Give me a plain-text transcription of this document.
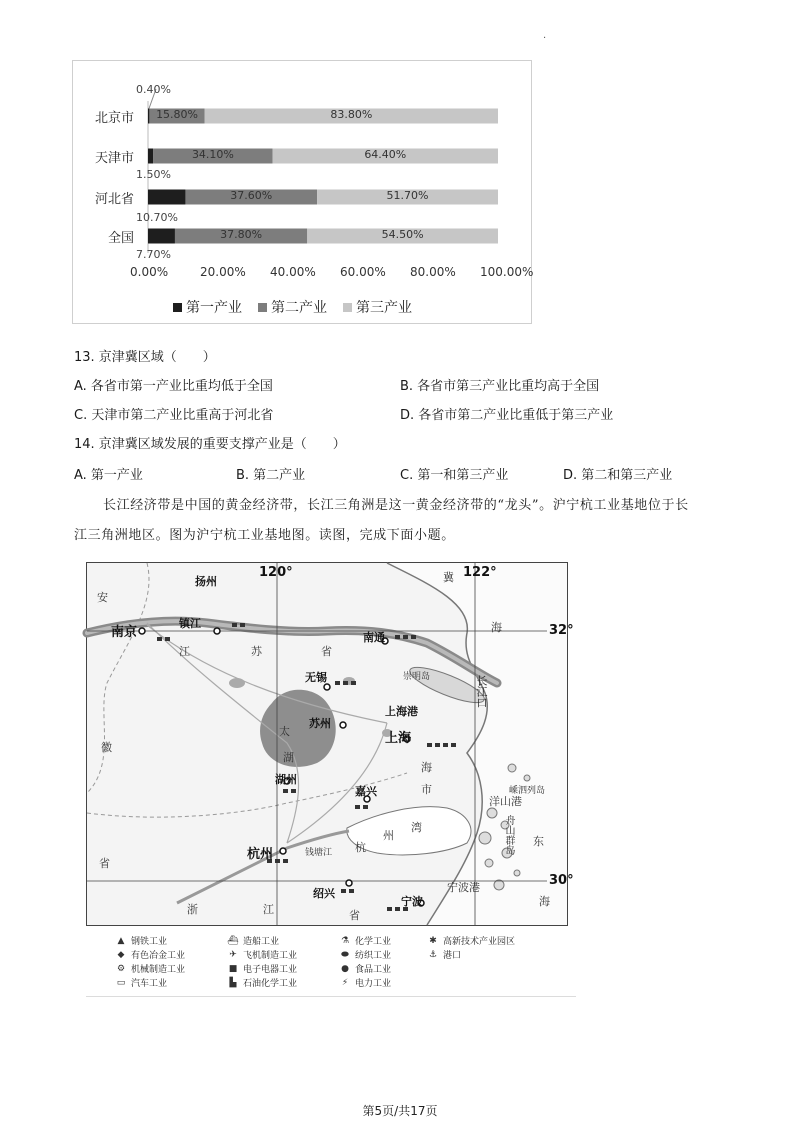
.
15.80%	83.80%
北京市
34.10%	64.40%
天津市
37.60%	51.70%
河北省
37.80%	54.50%
全国
0.40%
1.50%
10.70%
7.70%
0.00%	20.00% 40.00% 60.00% 80.00% 100.00%
第一产业 第二产业 第三产业
13. 京津冀区域（　　）
A. 各省市第一产业比重均低于全国	B. 各省市第三产业比重均高于全国
C. 天津市第二产业比重高于河北省	D. 各省市第二产业比重低于第三产业
14. 京津冀区域发展的重要支撑产业是（　　）
A. 第一产业	B. 第二产业	C. 第一和第三产业	D. 第二和第三产业
长江经济带是中国的黄金经济带，长江三角洲是这一黄金经济带的“龙头”。沪宁杭工业基地位于长
江三角洲地区。图为沪宁杭工业基地图。读图，完成下面小题。
120°	122°
32°
30°
扬州
南京
镇江
南通
无锡
苏州
上海港
上海
湖州
嘉兴
杭州
绍兴
宁波
宁波港
洋山港
崇明岛
嵊泗列岛
安
徽
江	苏	省
太
湖
冀
海
东
海
长江口
海
市
杭
州
湾
钱塘江
浙	江	省
省
舟山群岛
▲ 钢铁工业	⛴ 造船工业	⚗ 化学工业	✱ 高新技术产业园区
◆ 有色冶金工业	✈ 飞机制造工业	⬬ 纺织工业	⚓ 港口
⚙ 机械制造工业	■ 电子电器工业	● 食品工业
▭ 汽车工业	▙ 石油化学工业	⚡ 电力工业
第5页/共17页
